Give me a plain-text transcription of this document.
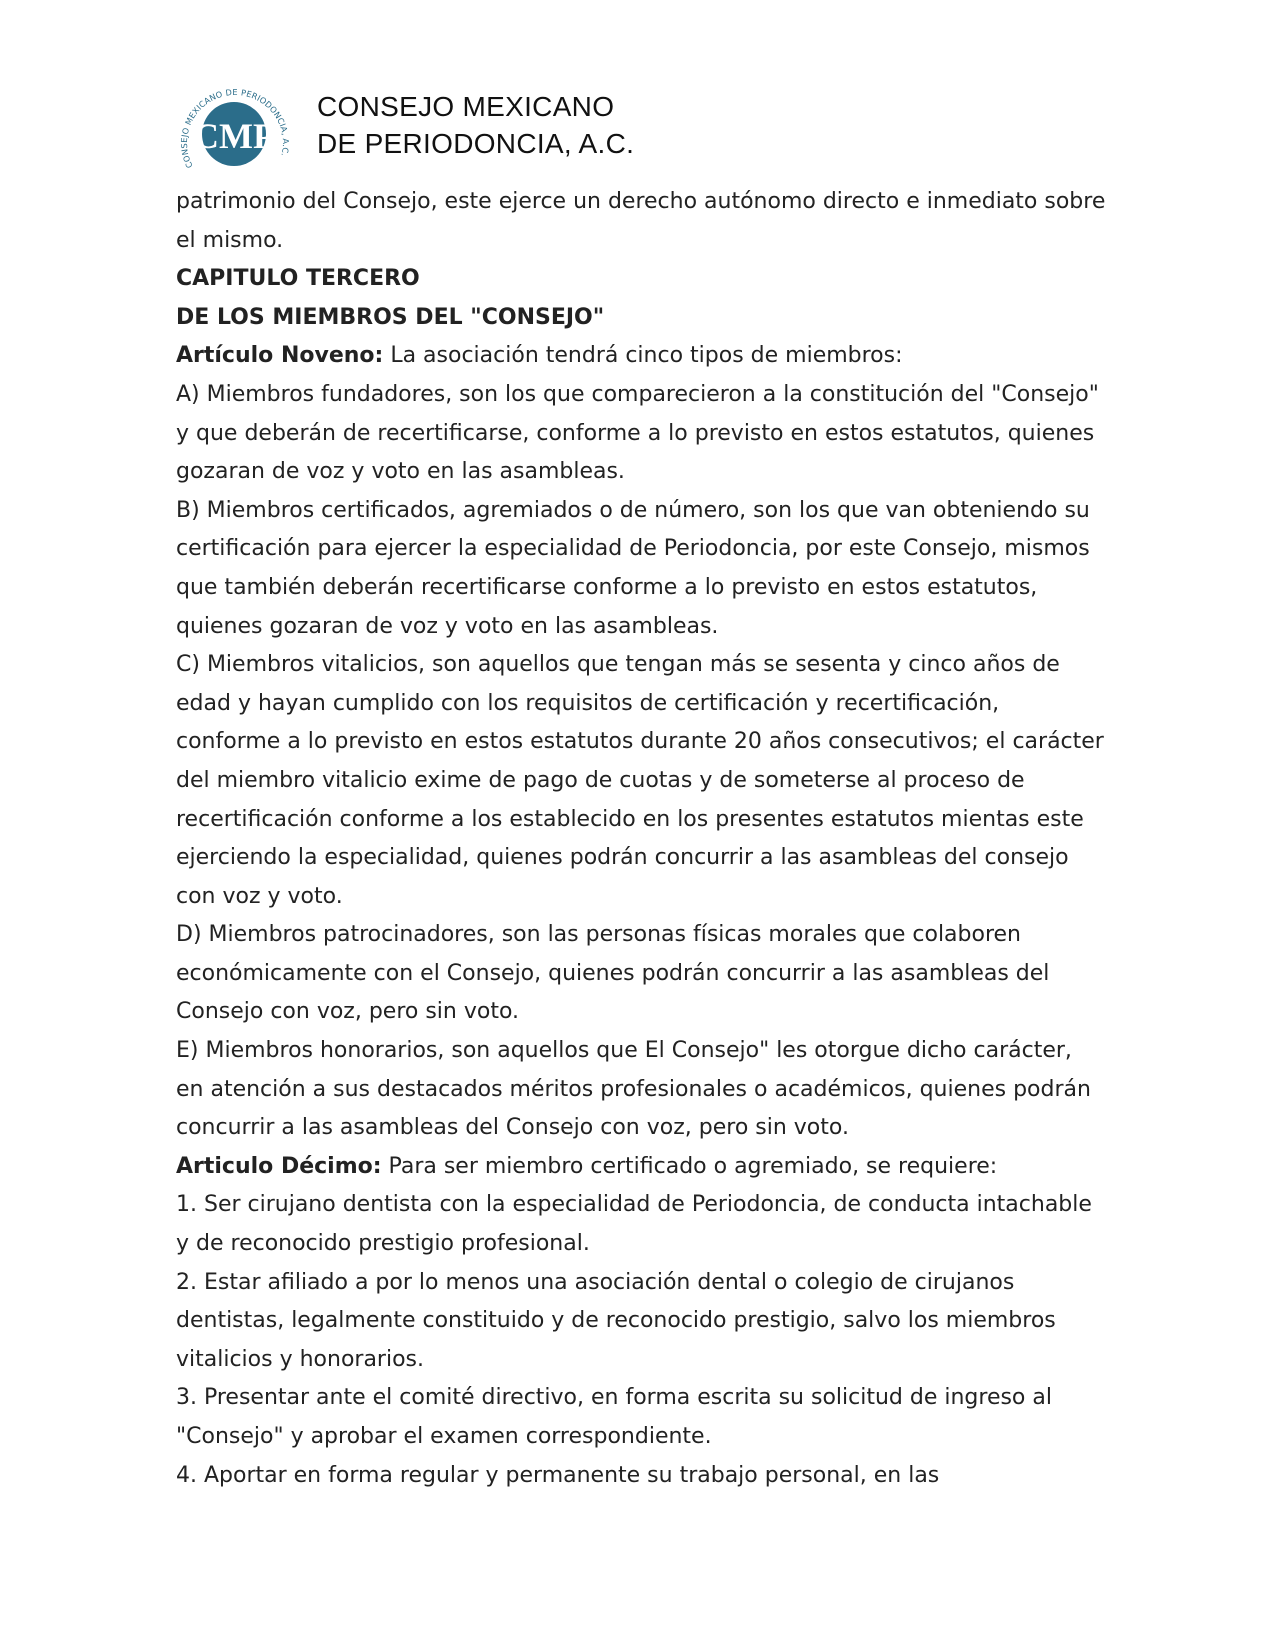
CONSEJO MEXICANO DE PERIODONCIA, A.C.
CMP
CONSEJO MEXICANO
DE PERIODONCIA, A.C.

patrimonio del Consejo, este ejerce un derecho autónomo directo e inmediato sobre el mismo.

CAPITULO TERCERO

DE LOS MIEMBROS DEL "CONSEJO"

Artículo Noveno: La asociación tendrá cinco tipos de miembros:

A) Miembros fundadores, son los que comparecieron a la constitución del "Consejo" y que deberán de recertificarse, conforme a lo previsto en estos estatutos, quienes gozaran de voz y voto en las asambleas.

B) Miembros certificados, agremiados o de número, son los que van obteniendo su certificación para ejercer la especialidad de Periodoncia, por este Consejo, mismos que también deberán recertificarse conforme a lo previsto en estos estatutos, quienes gozaran de voz y voto en las asambleas.

C) Miembros vitalicios, son aquellos que tengan más se sesenta y cinco años de edad y hayan cumplido con los requisitos de certificación y recertificación, conforme a lo previsto en estos estatutos durante 20 años consecutivos; el carácter del miembro vitalicio exime de pago de cuotas y de someterse al proceso de recertificación conforme a los establecido en los presentes estatutos mientas este ejerciendo la especialidad, quienes podrán concurrir a las asambleas del consejo con voz y voto.

D) Miembros patrocinadores, son las personas físicas morales que colaboren económicamente con el Consejo, quienes podrán concurrir a las asambleas del Consejo con voz, pero sin voto.

E) Miembros honorarios, son aquellos que El Consejo" les otorgue dicho carácter, en atención a sus destacados méritos profesionales o académicos, quienes podrán concurrir a las asambleas del Consejo con voz, pero sin voto.

Articulo Décimo: Para ser miembro certificado o agremiado, se requiere:

1. Ser cirujano dentista con la especialidad de Periodoncia, de conducta intachable y de reconocido prestigio profesional.

2. Estar afiliado a por lo menos una asociación dental o colegio de cirujanos dentistas, legalmente constituido y de reconocido prestigio, salvo los miembros vitalicios y honorarios.

3. Presentar ante el comité directivo, en forma escrita su solicitud de ingreso al "Consejo" y aprobar el examen correspondiente.

4. Aportar en forma regular y permanente su trabajo personal, en las
